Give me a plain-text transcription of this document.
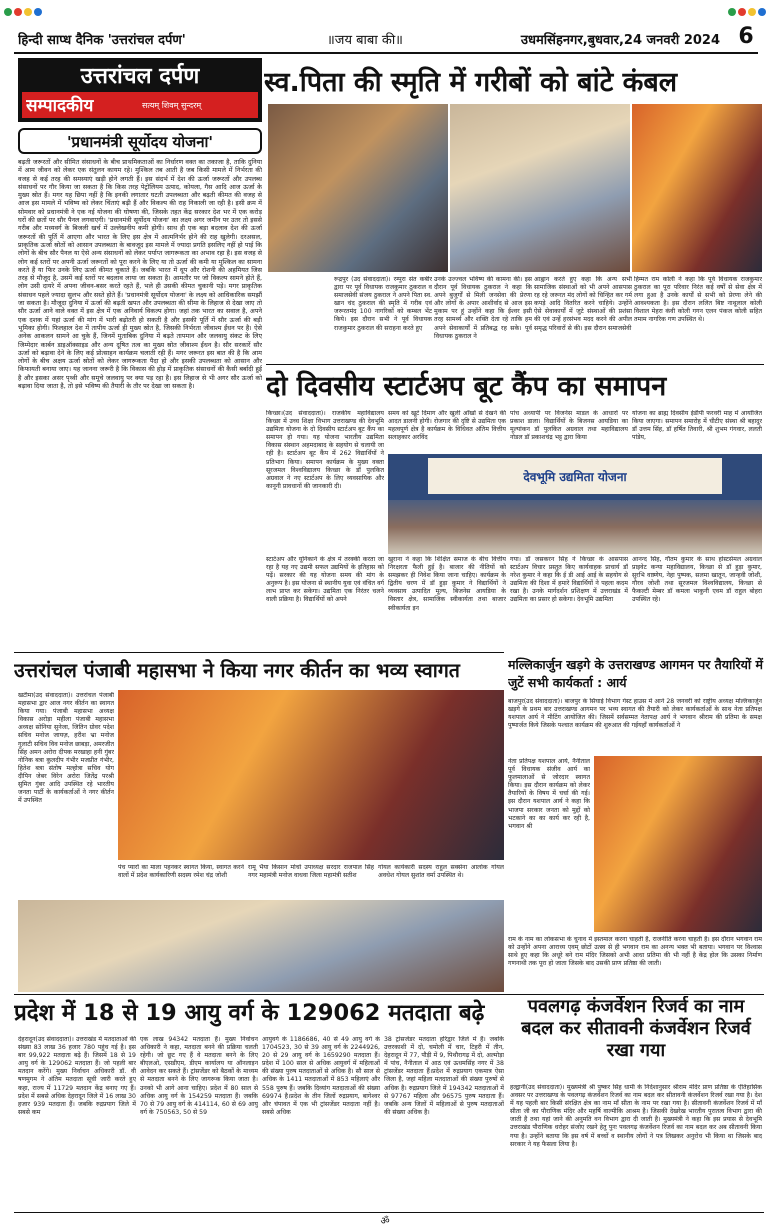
हिन्दी साप्ध दैनिक 'उत्तरांचल दर्पण'	॥जय बाबा की॥	उधमसिंहनगर,बुधवार,24 जनवरी 2024 6
उत्तरांचल दर्पण
सम्पादकीय	सत्यम् शिवम् सुन्दरम्
'प्रधानमंत्री सूर्योदय योजना'
बढ़ती जरूरतों और सीमित संसाधनों के बीच प्राथमिकताओं का निर्धारण वक्त का तकाजा है, ताकि दुनिया में आम जीवन को लेकर एक संतुलन कायम रहे। मुश्किल तब आती है जब किसी मामले में निर्भरता की वजह से कई तरह की समस्याएं खड़ी होने लगती हैं। इस संदर्भ में देश की ऊर्जा जरूरतों और उपलब्ध संसाधनों पर गौर किया जा सकता है कि किस तरह पेट्रोलियम उत्पाद, कोयला, गैस आदि आज ऊर्जा के मुख्य स्रोत हैं। मगर यह छिपा नहीं है कि इनकी लगातार घटती उपलब्धता और बढ़ती कीमत की वजह से आज इस मामले में भविष्य को लेकर चिंताएं बढ़ी हैं और विकल्प की राह निकाली जा रही है। इसी क्रम में सोमवार को प्रधानमंत्री ने एक नई योजना की घोषणा की, जिसके तहत केंद्र सरकार देश भर में एक करोड़ घरों की छतों पर सौर पैनल लगवाएगी। 'प्रधानमंत्री सूर्योदय योजना' का लक्ष्य अगर जमीन पर उतर तो इससे गरीब और मध्यवर्ग के बिजली खर्च में उल्लेखनीय कमी होगी। साथ ही एक बड़ा बदलाव देश की ऊर्जा जरूरतों की पूर्ति में आएगा और भारत के लिए इस क्षेत्र में आत्मनिर्भर होने की राह खुलेगी। दरअसल, प्राकृतिक ऊर्जा स्रोतों को आसान उपलब्धता के बावजूद इस मामले में ज्यादा प्रगति इसलिए नहीं हो पाई कि लोगों के बीच सौर पैनल या ऐसे अन्य संसाधनों को लेकर पर्याप्त जागरूकता का अभाव रहा है। इस वजह से लोग कई स्तरों पर अपनी ऊर्जा जरूरतों को पूरा करने के लिए या तो ऊर्जा की कमी या मुश्किल का सामना करते हैं या फिर उनके लिए ऊर्जा कीमत चुकाते हैं। जबकि भारत में धूप और रोशनी की अहमियत जिस तरह से मौजूद है, उसमें कई स्तरों पर बदलाव लाया जा सकता है। आमतौर पर जो विकल्प सामने होते हैं, लोग उसी दायरे में अपना जीवन-बसर करते रहते हैं, भले ही उसकी कीमत चुकानी पड़े। मगर प्राकृतिक संसाधन पहले ज्यादा सुलभ और सस्ते होते हैं। 'प्रधानमंत्री सूर्योदय योजना' के लक्ष्य को आधिकारिक समझौं जा सकता है। मौजूदा दुनिया में ऊर्जा की बढ़ती खपत और उपलब्धता की सीमा के लिहाज से देखा जाए तो सौर ऊर्जा आने वाले वक्त में इस क्षेत्र में एक अनिवार्य विकल्प होगा। जहां तक भारत का सवाल है, अपने एक दशक में यहां ऊर्जा की मांग में भारी बढ़ोतरी हो सकती है और इसकी पूर्ति में सौर ऊर्जा की बड़ी भूमिका होगी। फिलहाल देश में तापीय ऊर्जा ही मुख्य स्रोत है, जिसकी निर्भरता जीवाश्म ईंधन पर है। ऐसे अनेक आकलन सामने आ चुके हैं, जिनमें मुताबिक दुनिया में बढ़ते तापमान और जलवायु संकट के लिए जिम्मेदार कार्बन डाइऑक्साइड और अन्य दूषित तत्व का मुख्य स्रोत जीवाश्म ईंधन है। सौर सरकारें सौर ऊर्जा को बढ़ावा देने के लिए कई प्रोत्साहन कार्यक्रम चलाती रही हैं। मगर जरूरत इस बात की है कि आम लोगों के बीच अक्षय ऊर्जा स्रोतों को लेकर जागरूकता पैदा हो और इसकी उपलब्धता को आसान और किफायती बनाया जाए। यह जानना जरूरी है कि विकास की होड़ में प्राकृतिक संसाधनों की कैसी बर्बादी हुई है और इसका असर पृथ्वी और समूचे जलवायु पर क्या पड़ रहा है। इस लिहाज से भी अगर सौर ऊर्जा को बढ़ावा दिया जाता है, तो इसे भविष्य की तैयारी के तौर पर देखा जा सकता है।
स्व.पिता की स्मृति में गरीबों को बांटे कंबल
रूद्रपुर (उद संवाददाता)। रम्पुरा संत कबीर द्वारा पर पूर्व विधायक राजकुमार ठुकराल व समाजसेवी संजय ठुकराल ने अपने पिता स्व. खान चंद ठुकराल की स्मृति में गरीब एवं जरूरतमंद 100 नागरिकों को कम्बल भेंट किये। इस दौरान सभी ने पूर्व विधायक राजकुमार ठुकराल की सराहना करते हुए
उनके उज्ज्वल भविष्य की कामना की। इस दौरान पूर्व विधायक ठुकराल ने कहा कि अपने बुजुर्गों से मिली जनसेवा की प्रेरणा और लोगों के अपार आशीर्वाद से आज इस मुकाम पर हूं उन्होंने कहा कि ईश्वर इसी तरह सामर्थ्य और शक्ति देता रहे ताकि हम अपने सेवाकार्यों में प्रतिबद्ध रह सके। पूर्व विधायक ठुकराल ने
आह्वान करते हुए कहा कि अन्य सभी सामाजिक संस्थाओं को भी अपने आसपास रह रहे जरूरत मंद लोगों को चिन्हित कर गर्म कपड़े आदि वितरित करने चाहिये। उन्होंने ऐसे सेवाकार्यों में जुटे संस्थाओं की प्रशंसा की एवं उन्हें हरसंभव मदद करने की अपील समृद्ध परिवारों से की। इस दौरान समाजसेवी
हिम्मत राम कोली ने कहा कि पूर्व विधायक राजकुमार ठुकराल का पूरा परिवार निरंत कई वर्षों से सेवा क्षेत्र में लगा हुआ है उनके कार्यों से सभी को प्रेरणा लेने की आवश्यकता है। इस दौरान ललित बिष्ट नाथूलाल कोली विशाल मेहरा कंवी कोली गगन एलन पंकज कोली सहित तमाम नागरिक गण उपस्थित थे।
दो दिवसीय स्टार्टअप बूट कैंप का समापन
किच्छा।(उद संवाददाता)। राजकीय महाविद्यालय किच्छा में उच्च शिक्षा विभाग उत्तराखण्ड की देवभूमि उद्यमिता योजना के दो दिवसीय स्टार्टअप बूट कैंप का समापन हो गया। यह योजना भारतीय उद्यमिता विकास संस्थान अहमदाबाद के सहयोग से चलायी जा रही है। स्टार्टअप बूट कैंप में 262 विद्यार्थियों ने प्रतिभाग किया। समापन कार्यक्रम के मुख्य वक्ता सूरजमल विश्वविद्यालय किच्छा के डॉ पुलकित अग्रवाल ने नए स्टार्टअप के लिए व्यवसायिक और कानूनी प्रावधानों की जानकारी दी।
समय को खूटे दिमाग और खुली आँखों से देखने की आदत डालनी होगी। रोजगार की दृष्टि से उद्यमिता एक महत्वपूर्ण क्षेत्र है कार्यक्रम के विधिवत अंतिम वित्तीय सलाहकार अरविंद
पांच अध्यापी पर विजनेस माडल के आधारों पर प्रकाश डाला। विद्यार्थियों के बिजनस आयडिया का मूल्यांकन डॉ पुलकित अग्रवाल तथा महाविद्यालय नोडल डॉ प्रकाशचंद्र भट्ट द्वारा किया
योजना का ब्राह्म दिवसीय ईडीपी फरवरी माह में आयोजित किया जाएगा। समापन समारोह में चीटीए संस्था श्री बहादुर डॉ उत्तम सिंह, डॉ हर्षित तिवारी, श्री शुभम गंगवार, ललती पांडेय,
देवभूमि उद्यमिता योजना
स्टार्टअप और यूनिकार्न के क्षेत्र में तरक्की करता जा रहा है यह नए उद्यमी सफल उद्यमियों के इतिहास को पढ़ें। सरकार की यह योजना समय की मांग के अनुरूप है। इस योजना से स्थानीय युवा एवं वंचित वर्ग लाभ प्राप्त कर सकेगा। उद्यमिता एक निरंतर चलने वाली प्रक्रिया है। विद्यार्थियों को अपने
खुराना ने कहा कि शिक्षित समाज के बीच वित्तीय निरक्षरता फैली हुई है। बाजार की नीतियों को समझकर ही निवेश किया जाना चाहिए। कार्यक्रम के द्वितीय चरण में डॉ हुड़ा कुमार ने विद्यार्थियों ने व्यवसाय उत्पादित मूल्य, बिजनेस आयडिया के विस्तार क्षेत्र, सामाजिक स्वीकार्यता तथा बाजार स्वीकार्यता इन
गया। डॉ जसकरन सिंह ने किच्छा के आसपास स्टार्टअप विचार प्रस्तुत किए कार्यवाहक प्राचार्य डॉ नरेश कुमार ने कहा कि ई डी आई आई के सहयोग से उद्यमिता की दिशा में हमारे विद्यार्थियों ने पहला कदम रखा है। उनके मार्गदर्शन प्रशिक्षण में उत्तराखंड में उद्यमिता का प्रसार हो सकेगा। देवभूमि उद्यमिता
आनन्द सिंह, गौतम कुमार के साथ होस्टर्समल अग्रवाल प्राइवेट कन्या महाविद्यालय, किच्छा से डॉ हुड़ा कुमार, सुरभि वाष्र्णेय, नेहा पुष्पक, सलमा खातून, जान्हवी जोशी, गौरव जोशी तथा सूरजमल विश्वविद्यालय, किच्छा से फैकल्टी मेम्बर डॉ कमला भाकुनी एवम डॉ राहुल बोहरा उपस्थित रहे।
उत्तरांचल पंजाबी महासभा ने किया नगर कीर्तन का भव्य स्वागत
खटीमा(उद संवाददाता)। उत्तरांचल पंजाबी महासभा द्वार आज नगर कीर्तन का स्वागत किया गया। पंजाबी महासभा अध्यक्ष विकास अरोड़ा महीला पंजाबी महासभा अध्यक्ष सोनिया सुनेजा, जितिन ग्रोवर पदेश सचिव मनोज जायज़, हरीश भ्रा मनोज गुलाटी सचिव विव मनोज छाबड़ा, अमरजीत सिंह अमन अरोरा दीपक मरखाहा हनी गुंबर नोनिक बत्रा कुलदीप गंभीर मजप्रीत गंभीर, हितेश बत्रा संतोष मल्होत्रा सचिव योग दीपिन जेबर विरेन अरोरा जितेंद्र परश्री सुमित गुंबर आदि उपस्थित रहे भारतीय जनता पार्टी के कार्यकर्ताओं ने नगर कीर्तन में उपस्थित
पंच प्यारों का माला पहनकर स्वागत किया, स्वागत करने वालों में प्रदेश कार्यकारिणी सदस्य रमेश चंद्र जोशी
रामू भैया किसान मोर्चा उपाध्यक्ष सरदार राजपाल सिंह नगर महामंत्री मनोज वाधवा जिला महामंत्री सतीश
गोयल कार्यकारी सदस्य राहुल सक्सेना आलोक गोयल अवधेश गोयल सुशांत वर्मा उपस्थित थे।
मल्लिकार्जुन खड़गे के उत्तराखण्ड आगमन पर तैयारियों में जुटें सभी कार्यकर्ता : आर्य
बाजपुर(उद संवाददाता)। बाजपुर के सिंघाई विभाग गेस्ट हाउस में आने 28 जनवरी को राष्ट्रीय अध्यक्ष मल्लिकार्जुन खड़गे के प्रथम बार उत्तराखण्ड आगमन पर भव्य स्वागत की तैयारी को लेकर कार्यकर्ताओं के साथ नेता प्रतिपक्ष यशपाल आर्य ने मीटिंग आयोजित की। जिसमें सर्वसम्मत नेतापक्ष आर्य ने भगवान श्रीराम की प्रतिमा के समक्ष पुष्पार्जत किये जिसके पश्चात कार्यक्रम की शुरुआत की गईयहाँ कार्यकर्ताओं ने
नेता प्रतिपक्ष यशपाल आर्य, नैनीताल पूर्व विधायक संजीव आर्य का फूलमालाओं से जोरदार स्वागत किया। इस दौरान कार्यक्रम को लेकर तैयारियों के विषय में चर्चा की गई। इस दौरान यशपाल आर्य ने कहा कि भाजपा सरकार जनता को मुद्दों को भटकाने का का कार्य कर रही है, भगवान श्री
राम के नाम का लोकसभा के चुनाव में इस्तमाल करना चाहती है, राजनीति करना चाहती है। इस दौरान भगवान राम को उन्होंने अपना आराध्य एवम् छोटों उत्स्व से ही भगवान राम का अनन्य भक्त भी बताया। भगवान पर विश्वास साथे हुए कहा कि अधूरे बने राम मंदिर जिसको अभी आधा प्रतिमा की भी नहीं है केंद्र होल कि उसका निर्माण गणनाथी तक पूरा हो जाता जिसके बाद उसकी प्राण प्रतिष्ठा की जाती।
प्रदेश में 18 से 19 आयु वर्ग के 129062 मतदाता बढ़े
देहरादून(उद संवाददाता)। उत्तराखंड में मतदाताओं की संख्या 83 लाख 36 हजार 780 पहुंच गई है। इस बार 99,922 मतदाता बढ़े हैं। जिसमें 18 से 19 आयु वर्ग के 129062 मतदाता हैं। जो पहली बार मतदान करेंगे। मुख्य निर्वाचन अधिकारी डॉ. वी षणमुगम ने अंतिम मतदाता सूची जारी करते हुए कहा, राज्य में 11729 मतदान केंद्र बनाए गए हैं। प्रदेश में सबसे अधिक देहरादून जिले में 16 लाख 30 हजार 939 मतदाता हैं। जबकि रुद्रप्रयाग जिले में सबसे कम
एक लाख 94342 मतदाता हैं। मुख्य निर्वाचन अधिकारी ने कहा, मतदाता बनने की प्रक्रिया चलती रहेगी। जो छूट गए हैं वे मतदाता बनने के लिए बीएलओ, एसडीएम, डीएम कार्यालय या ऑनलाइन आवेदन कर सकते हैं। ट्रांसजेंडर को बैठकों के माध्यम से मतदाता बनने के लिए जागरूक किया जाता है। उनको भी आगे आना चाहिए। प्रदेश में 80 साल से अधिक आयु वर्ग के 154259 मतदाता हैं। जबकि 70 से 79 आयु वर्ग के 414114, 60 से 69 आयु वर्ग के 750563, 50 से 59
आयुवर्ग के 1186686, 40 से 49 आयु वर्ग के 1704523, 30 से 39 आयु वर्ग के 2244926, 20 से 29 आयु वर्ग के 1659290 मतदाता हैं। प्रदेश में 100 साल से अधिक आयुवर्ग में महिलाओं की संख्या पुरुष मतदाताओं से अधिक है। सौ साल से अधिक के 1411 मतदाताओं में 853 महिलाएं और 558 पुरुष हैं। जबकि दिव्यांग मतदाताओं की संख्या 69974 है।प्रदेश के तीन जिलों रुद्रप्रयाग, बागेश्वर और चंपावत में एक भी ट्रांसजेंडर मतदाता नहीं है। सबसे अधिक
38 ट्रांसजेंडर मतदाता हरिद्वार जिले में हैं। जबकि उत्तरकाशी में दो, चमोली में चार, टिहरी में तीन, देहरादून में 77, पौड़ी में 9, पिथौरागढ़ में दो, अल्मोड़ा में पांच, नैनीताल में आठ एवं ऊधमसिंह नगर में 38 ट्रांसजेंडर मतदाता हैं।प्रदेश में रुद्रप्रयाग एकमात्र ऐसा जिला है, जहां महिला मतदाताओं की संख्या पुरुषों से अधिक है। रुद्रप्रयाग जिले में 194342 मतदाताओं में से 97767 महिला और 96575 पुरुष मतदाता हैं। जबकि अन्य जिलों में महिलाओं से पुरुष मतदाताओं की संख्या अधिक है।
पवलगढ़ कंजर्वेशन रिजर्व का नाम बदल कर सीतावनी कंजर्वेशन रिजर्व रखा गया
हल्द्वानी(उद संवाददाता)। मुख्यमंत्री श्री पुष्कर सिंह धामी के निर्देशानुसार श्रीराम मंदिर प्राण प्रतिष्ठा के ऐतिहासिक अवसर पर उत्तराखण्ड के पवलगढ़ कंजर्वेशन रिजर्व का नाम बदल कर सीतावनी कंजर्वेशन रिजर्व रखा गया है। देश में यह पहली बार किसी संरक्षित क्षेत्र का नाम माँ सीता के नाम पर रखा गया है। सीतावनी कंजर्वेशन रिजर्व में माँ सीता जी का पौराणिक मंदिर और महर्षि वाल्मीकि आश्रम है। जिसकी देखरेख भारतीय पुरातत्व विभाग द्वारा की जाती है तथा यहां जाने की अनुमति वन विभाग द्वारा दी जाती है। मुख्यमंत्री ने कहा कि इस प्रयास से देवभूमि उत्तराखंड पौराणिक धरोहर संजोए रखने हेतु पुनः पवलगढ़ कंजर्वेशन रिजर्व का नाम बदल कर अब सीतावनी किया गया है। उन्होंने बताया कि इस वर्ष में बच्चों व स्थानीय लोगों ने पत्र लिखकर अनुरोध भी किया था जिसके बाद सरकार ने यह फैसला लिया है।
ॐ
